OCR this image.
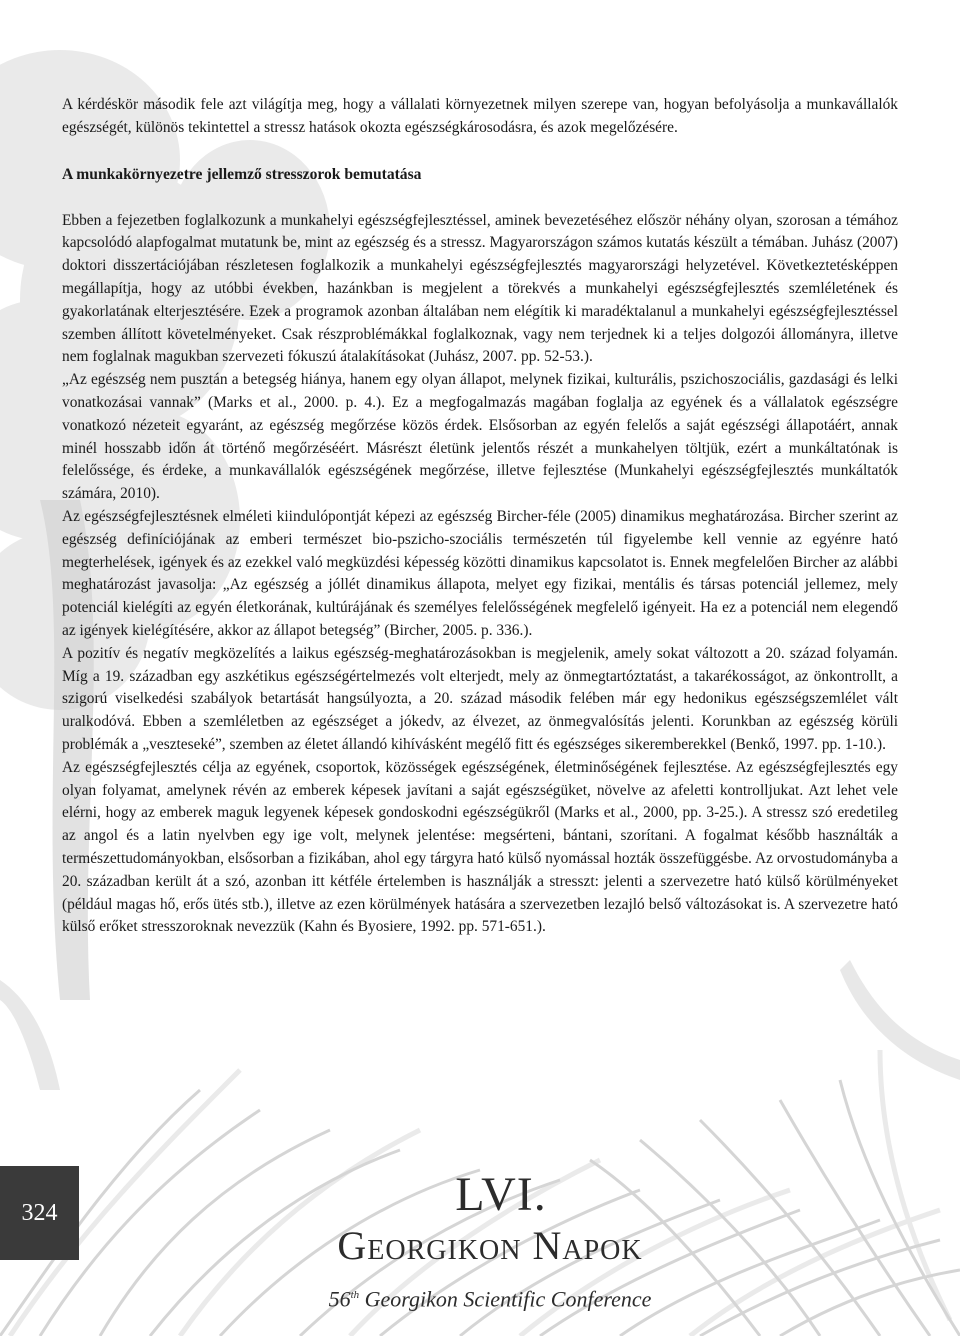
A kérdéskör második fele azt világítja meg, hogy a vállalati környezetnek milyen szerepe van, hogyan befolyásolja a munkavállalók egészségét, különös tekintettel a stressz hatások okozta egészségkárosodásra, és azok megelőzésére.

A munkakörnyezetre jellemző stresszorok bemutatása

Ebben a fejezetben foglalkozunk a munkahelyi egészségfejlesztéssel, aminek bevezetéséhez először néhány olyan, szorosan a témához kapcsolódó alapfogalmat mutatunk be, mint az egészség és a stressz. Magyarországon számos kutatás készült a témában. Juhász (2007) doktori disszertációjában részletesen foglalkozik a munkahelyi egészségfejlesztés magyarországi helyzetével. Következtetésképpen megállapítja, hogy az utóbbi években, hazánkban is megjelent a törekvés a munkahelyi egészségfejlesztés szemléletének és gyakorlatának elterjesztésére. Ezek a programok azonban általában nem elégítik ki maradéktalanul a munkahelyi egészségfejlesztéssel szemben állított követelményeket. Csak részproblémákkal foglalkoznak, vagy nem terjednek ki a teljes dolgozói állományra, illetve nem foglalnak magukban szervezeti fókuszú átalakításokat (Juhász, 2007. pp. 52-53.).

„Az egészség nem pusztán a betegség hiánya, hanem egy olyan állapot, melynek fizikai, kulturális, pszichoszociális, gazdasági és lelki vonatkozásai vannak” (Marks et al., 2000. p. 4.). Ez a megfogalmazás magában foglalja az egyének és a vállalatok egészségre vonatkozó nézeteit egyaránt, az egészség megőrzése közös érdek. Elsősorban az egyén felelős a saját egészségi állapotáért, annak minél hosszabb időn át történő megőrzéséért. Másrészt életünk jelentős részét a munkahelyen töltjük, ezért a munkáltatónak is felelőssége, és érdeke, a munkavállalók egészségének megőrzése, illetve fejlesztése (Munkahelyi egészségfejlesztés munkáltatók számára, 2010).

Az egészségfejlesztésnek elméleti kiindulópontját képezi az egészség Bircher-féle (2005) dinamikus meghatározása. Bircher szerint az egészség definíciójának az emberi természet bio-pszicho-szociális természetén túl figyelembe kell vennie az egyénre ható megterhelések, igények és az ezekkel való megküzdési képesség közötti dinamikus kapcsolatot is. Ennek megfelelően Bircher az alábbi meghatározást javasolja: „Az egészség a jóllét dinamikus állapota, melyet egy fizikai, mentális és társas potenciál jellemez, mely potenciál kielégíti az egyén életkorának, kultúrájának és személyes felelősségének megfelelő igényeit. Ha ez a potenciál nem elegendő az igények kielégítésére, akkor az állapot betegség” (Bircher, 2005. p. 336.).

A pozitív és negatív megközelítés a laikus egészség-meghatározásokban is megjelenik, amely sokat változott a 20. század folyamán. Míg a 19. században egy aszkétikus egészségértelmezés volt elterjedt, mely az önmegtartóztatást, a takarékosságot, az önkontrollt, a szigorú viselkedési szabályok betartását hangsúlyozta, a 20. század második felében már egy hedonikus egészségszemlélet vált uralkodóvá. Ebben a szemléletben az egészséget a jókedv, az élvezet, az önmegvalósítás jelenti. Korunkban az egészség körüli problémák a „veszteseké”, szemben az életet állandó kihívásként megélő fitt és egészséges sikeremberekkel (Benkő, 1997. pp. 1-10.).

Az egészségfejlesztés célja az egyének, csoportok, közösségek egészségének, életminőségének fejlesztése. Az egészségfejlesztés egy olyan folyamat, amelynek révén az emberek képesek javítani a saját egészségüket, növelve az afeletti kontrolljukat. Azt lehet vele elérni, hogy az emberek maguk legyenek képesek gondoskodni egészségükről (Marks et al., 2000, pp. 3-25.). A stressz szó eredetileg az angol és a latin nyelvben egy ige volt, melynek jelentése: megsérteni, bántani, szorítani. A fogalmat később használták a természettudományokban, elsősorban a fizikában, ahol egy tárgyra ható külső nyomással hozták összefüggésbe. Az orvostudományba a 20. században került át a szó, azonban itt kétféle értelemben is használják a stresszt: jelenti a szervezetre ható külső körülményeket (például magas hő, erős ütés stb.), illetve az ezen körülmények hatására a szervezetben lezajló belső változásokat is. A szervezetre ható külső erőket stresszoroknak nevezzük (Kahn és Byosiere, 1992. pp. 571-651.).

324	LVI.
Georgikon Napok
56th Georgikon Scientific Conference
